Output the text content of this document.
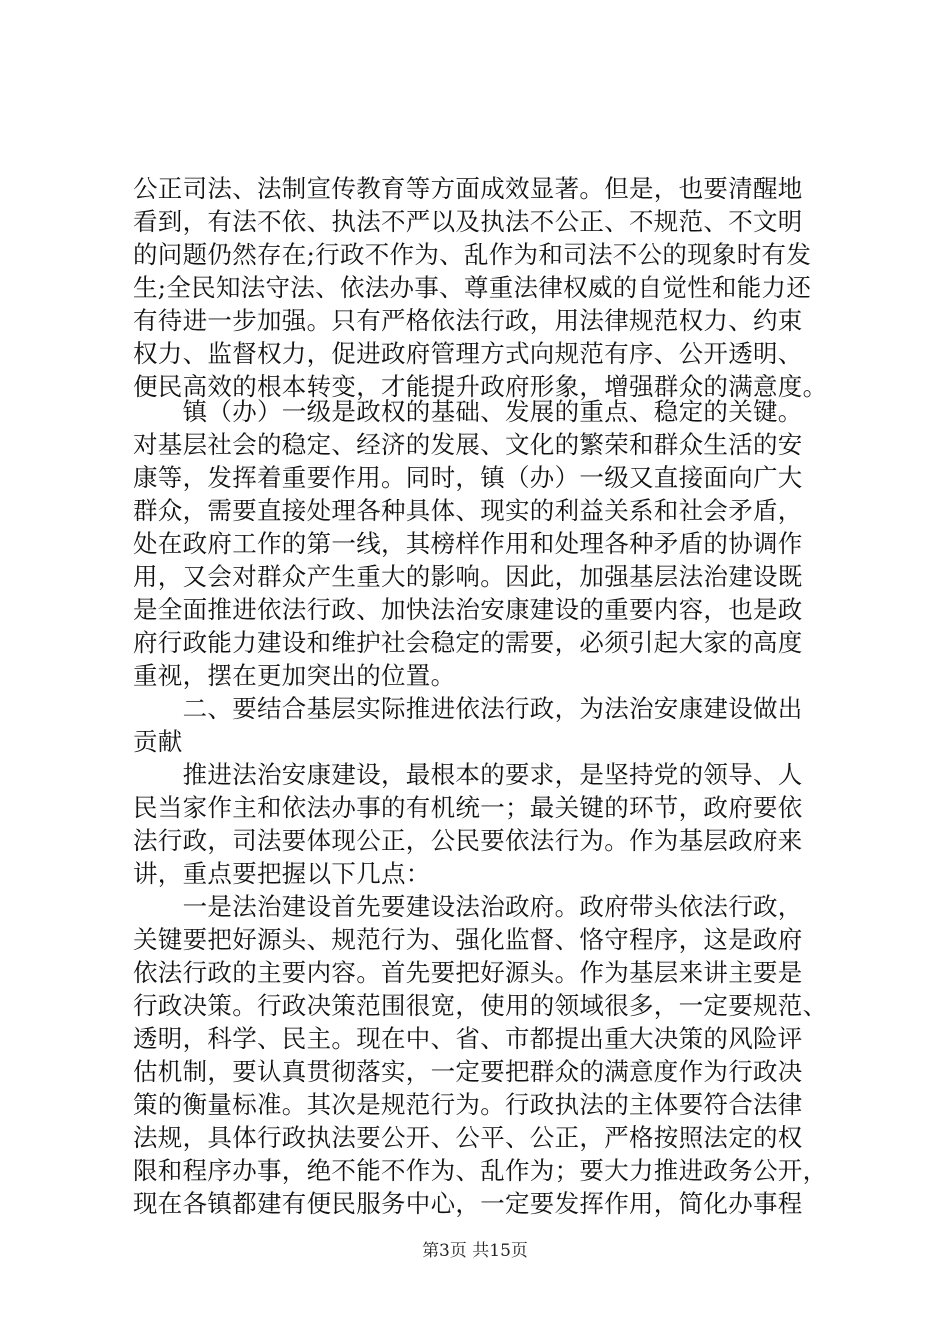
公正司法、法制宣传教育等方面成效显著。但是，也要清醒地
看到，有法不依、执法不严以及执法不公正、不规范、不文明
的问题仍然存在;行政不作为、乱作为和司法不公的现象时有发
生;全民知法守法、依法办事、尊重法律权威的自觉性和能力还
有待进一步加强。只有严格依法行政，用法律规范权力、约束
权力、监督权力，促进政府管理方式向规范有序、公开透明、
便民高效的根本转变，才能提升政府形象，增强群众的满意度。
　　镇（办）一级是政权的基础、发展的重点、稳定的关键。
对基层社会的稳定、经济的发展、文化的繁荣和群众生活的安
康等，发挥着重要作用。同时，镇（办）一级又直接面向广大
群众，需要直接处理各种具体、现实的利益关系和社会矛盾，
处在政府工作的第一线，其榜样作用和处理各种矛盾的协调作
用，又会对群众产生重大的影响。因此，加强基层法治建设既
是全面推进依法行政、加快法治安康建设的重要内容，也是政
府行政能力建设和维护社会稳定的需要，必须引起大家的高度
重视，摆在更加突出的位置。
　　二、要结合基层实际推进依法行政，为法治安康建设做出
贡献
　　推进法治安康建设，最根本的要求，是坚持党的领导、人
民当家作主和依法办事的有机统一；最关键的环节，政府要依
法行政，司法要体现公正，公民要依法行为。作为基层政府来
讲，重点要把握以下几点：
　　一是法治建设首先要建设法治政府。政府带头依法行政，
关键要把好源头、规范行为、强化监督、恪守程序，这是政府
依法行政的主要内容。首先要把好源头。作为基层来讲主要是
行政决策。行政决策范围很宽，使用的领域很多，一定要规范、
透明，科学、民主。现在中、省、市都提出重大决策的风险评
估机制，要认真贯彻落实，一定要把群众的满意度作为行政决
策的衡量标准。其次是规范行为。行政执法的主体要符合法律
法规，具体行政执法要公开、公平、公正，严格按照法定的权
限和程序办事，绝不能不作为、乱作为；要大力推进政务公开，
现在各镇都建有便民服务中心，一定要发挥作用，简化办事程
第3页 共15页
